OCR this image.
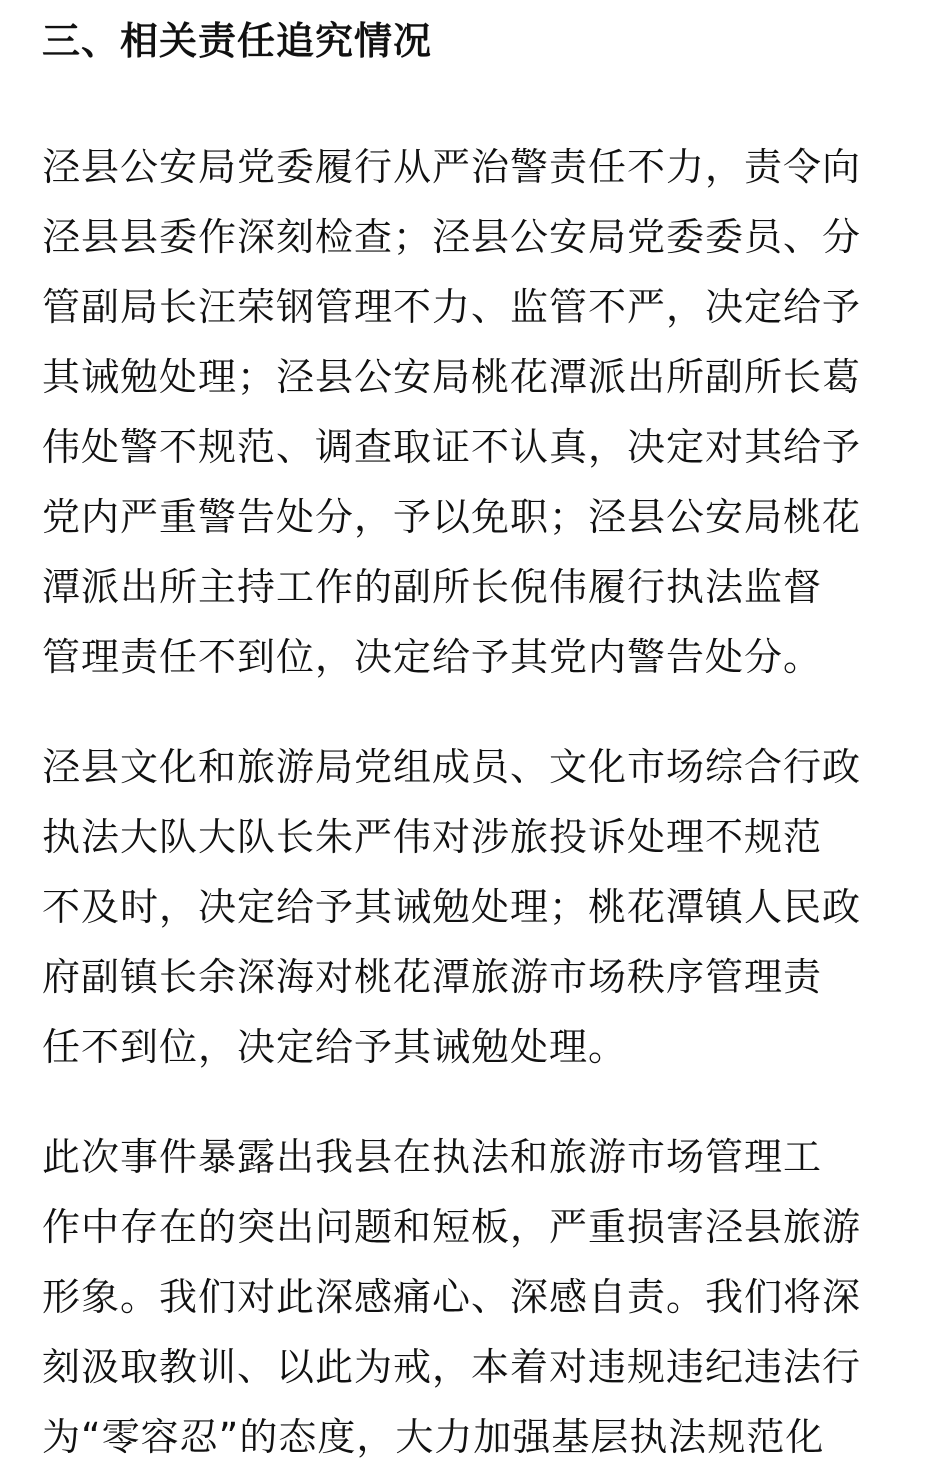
三、相关责任追究情况

泾县公安局党委履行从严治警责任不力，责令向
泾县县委作深刻检查；泾县公安局党委委员、分
管副局长汪荣钢管理不力、监管不严，决定给予
其诫勉处理；泾县公安局桃花潭派出所副所长葛
伟处警不规范、调查取证不认真，决定对其给予
党内严重警告处分，予以免职；泾县公安局桃花
潭派出所主持工作的副所长倪伟履行执法监督
管理责任不到位，决定给予其党内警告处分。

泾县文化和旅游局党组成员、文化市场综合行政
执法大队大队长朱严伟对涉旅投诉处理不规范
不及时，决定给予其诫勉处理；桃花潭镇人民政
府副镇长余深海对桃花潭旅游市场秩序管理责
任不到位，决定给予其诫勉处理。

此次事件暴露出我县在执法和旅游市场管理工
作中存在的突出问题和短板，严重损害泾县旅游
形象。我们对此深感痛心、深感自责。我们将深
刻汲取教训、以此为戒，本着对违规违纪违法行
为“零容忍”的态度，大力加强基层执法规范化
